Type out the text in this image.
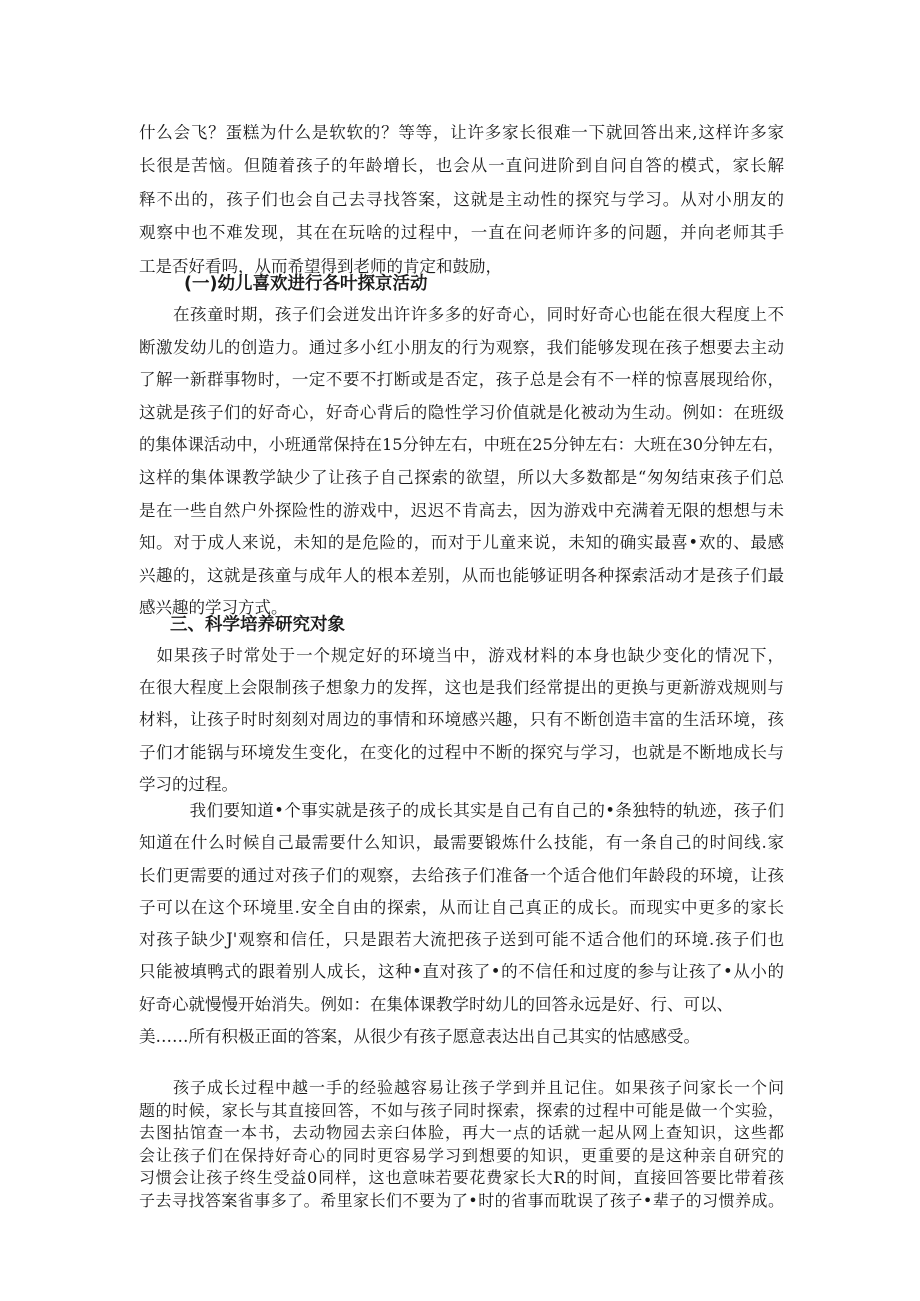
什么会飞？蛋糕为什么是软软的？等等，让许多家长很难一下就回答出来,这样许多家
长很是苦恼。但随着孩子的年龄增长，也会从一直问进阶到自问自答的模式，家长解
释不出的，孩子们也会自己去寻找答案，这就是主动性的探究与学习。从对小朋友的
观察中也不难发现，其在在玩啥的过程中，一直在问老师许多的问题，并向老师其手
工是否好看吗，从而希望得到老师的肯定和鼓励，
(一)幼儿喜欢进行各叶探京活动
　　在孩童时期，孩子们会迸发出许许多多的好奇心，同时好奇心也能在很大程度上不
断激发幼儿的创造力。通过多小红小朋友的行为观察，我们能够发现在孩子想要去主动
了解一新群事物时，一定不要不打断或是否定，孩子总是会有不一样的惊喜展现给你，
这就是孩子们的好奇心，好奇心背后的隐性学习价值就是化被动为生动。例如：在班级
的集体课活动中，小班通常保持在15分钟左右，中班在25分钟左右：大班在30分钟左右，
这样的集体课教学缺少了让孩子自己探索的欲望，所以大多数都是“匆匆结束孩子们总
是在一些自然户外探险性的游戏中，迟迟不肯高去，因为游戏中充满着无限的想想与未
知。对于成人来说，未知的是危险的，而对于儿童来说，未知的确实最喜•欢的、最感
兴趣的，这就是孩童与成年人的根本差别，从而也能够证明各种探索活动才是孩子们最
感兴趣的学习方式。
三、科学培养研究对象
　如果孩子时常处于一个规定好的环境当中，游戏材料的本身也缺少变化的情况下，
在很大程度上会限制孩子想象力的发挥，这也是我们经常提出的更换与更新游戏规则与
材料，让孩子时时刻刻对周边的事情和环境感兴趣，只有不断创造丰富的生活环境，孩
子们才能锅与环境发生变化，在变化的过程中不断的探究与学习，也就是不断地成长与
学习的过程。
　　　我们要知道•个事实就是孩子的成长其实是自己有自己的•条独特的轨迹，孩子们
知道在什么时候自己最需要什么知识，最需要锻炼什么技能，有一条自己的时间线.家
长们更需要的通过对孩子们的观察，去给孩子们准备一个适合他们年龄段的环境，让孩
子可以在这个环境里.安全自由的探索，从而让自己真正的成长。而现实中更多的家长
对孩子缺少J'观察和信任，只是跟若大流把孩子送到可能不适合他们的环境.孩子们也
只能被填鸭式的跟着别人成长，这种•直对孩了•的不信任和过度的参与让孩了•从小的
好奇心就慢慢开始消失。例如：在集体课教学时幼儿的回答永远是好、行、可以、
美……所有积极正面的答案，从很少有孩子愿意表达出自己其实的怙感感受。
　　孩子成长过程中越一手的经验越容易让孩子学到并且记住。如果孩子问家长一个问
题的时候，家长与其直接回答，不如与孩子同时探索，探索的过程中可能是做一个实验，
去图拈馆查一本书，去动物园去亲臼体脸，再大一点的话就一起从网上查知识，这些都
会让孩子们在保持好奇心的同时更容易学习到想要的知识，更重要的是这种亲自研究的
习惯会让孩子终生受益0同样，这也意味若要花费家长大R的时间，直接回答要比带着孩
子去寻找答案省事多了。希里家长们不要为了•时的省事而耽误了孩子•辈子的习惯养成。
